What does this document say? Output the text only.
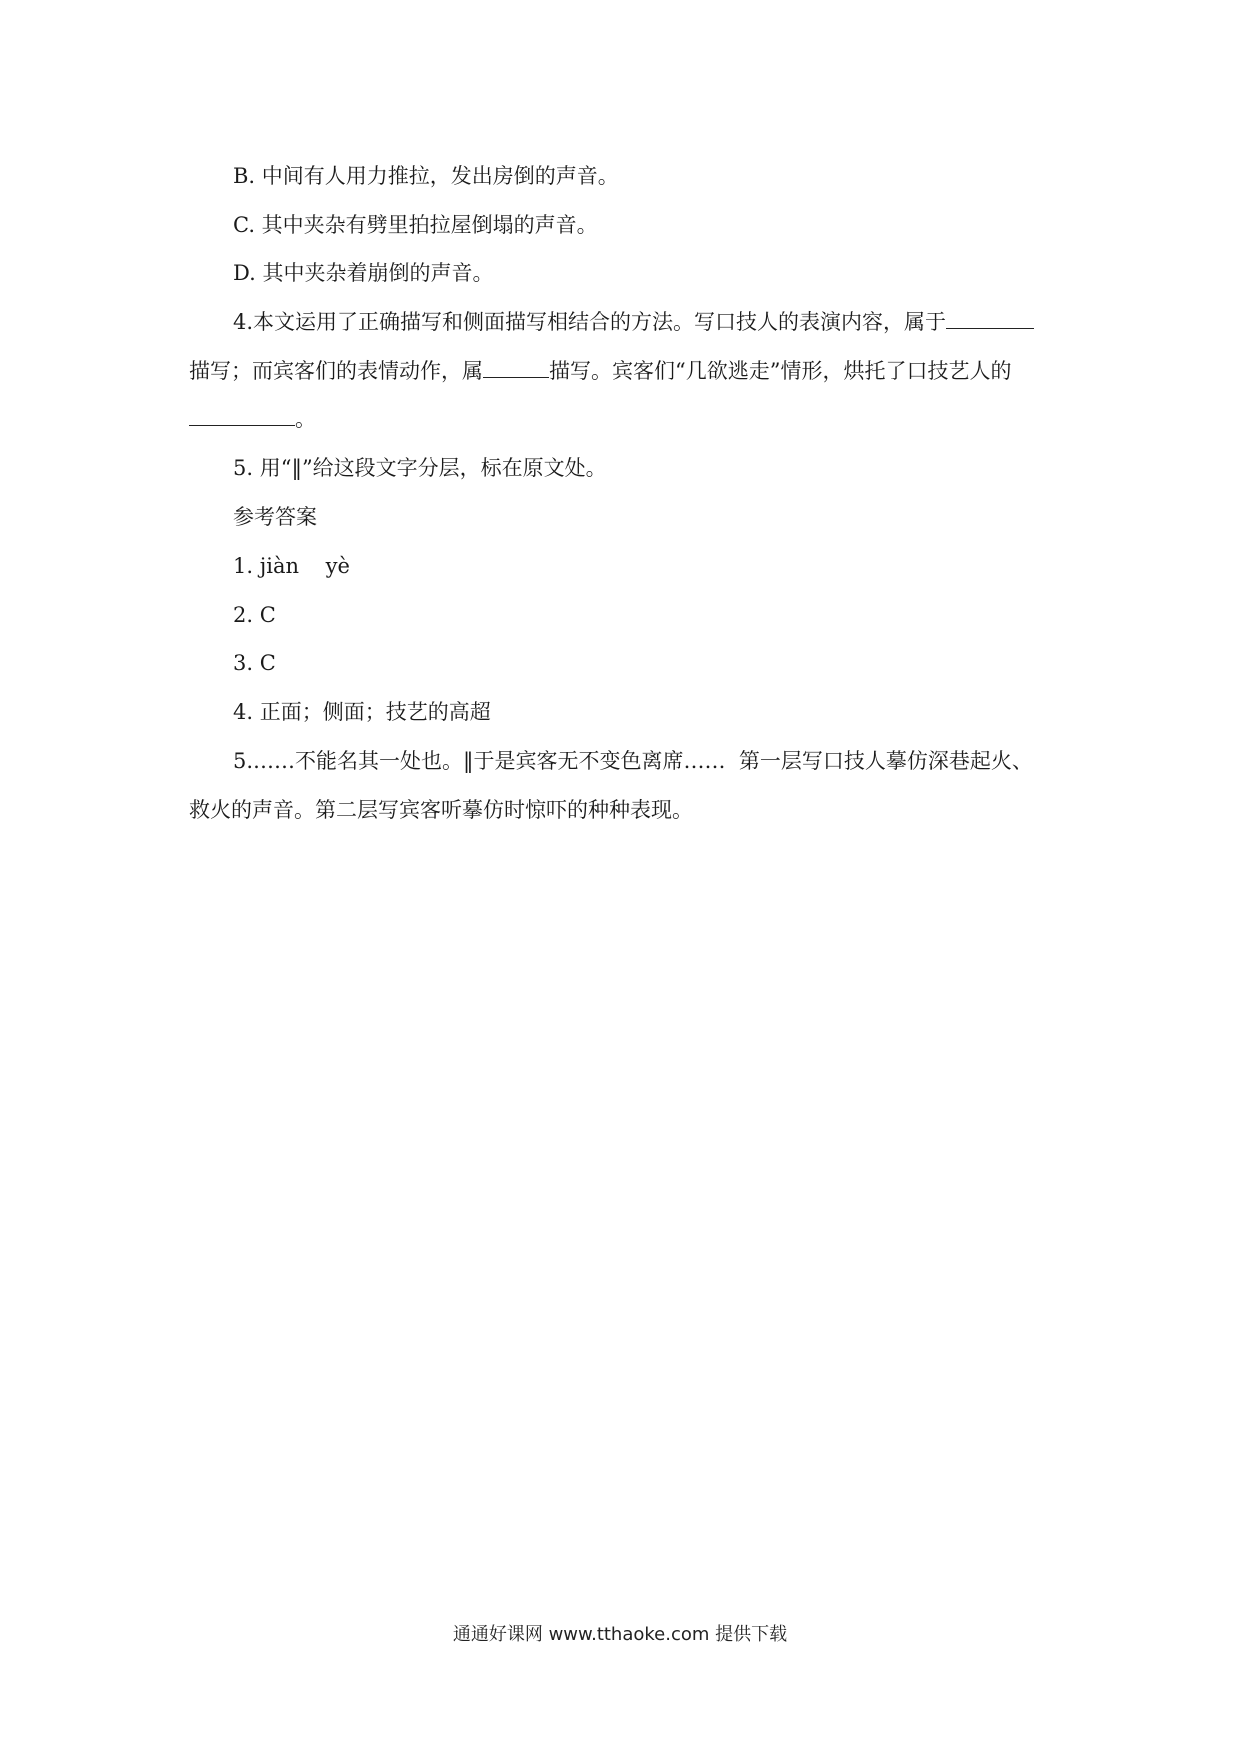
B. 中间有人用力推拉，发出房倒的声音。
C. 其中夹杂有劈里拍拉屋倒塌的声音。
D. 其中夹杂着崩倒的声音。
4.本文运用了正确描写和侧面描写相结合的方法。写口技人的表演内容，属于
描写；而宾客们的表情动作，属	描写。宾客们“几欲逃走”情形，烘托了口技艺人的
。
5. 用“‖”给这段文字分层，标在原文处。
参考答案
1. jiàn    yè
2. C
3. C
4. 正面；侧面；技艺的高超
5.……不能名其一处也。‖于是宾客无不变色离席……  第一层写口技人摹仿深巷起火、
救火的声音。第二层写宾客听摹仿时惊吓的种种表现。
通通好课网 www.tthaoke.com 提供下载
